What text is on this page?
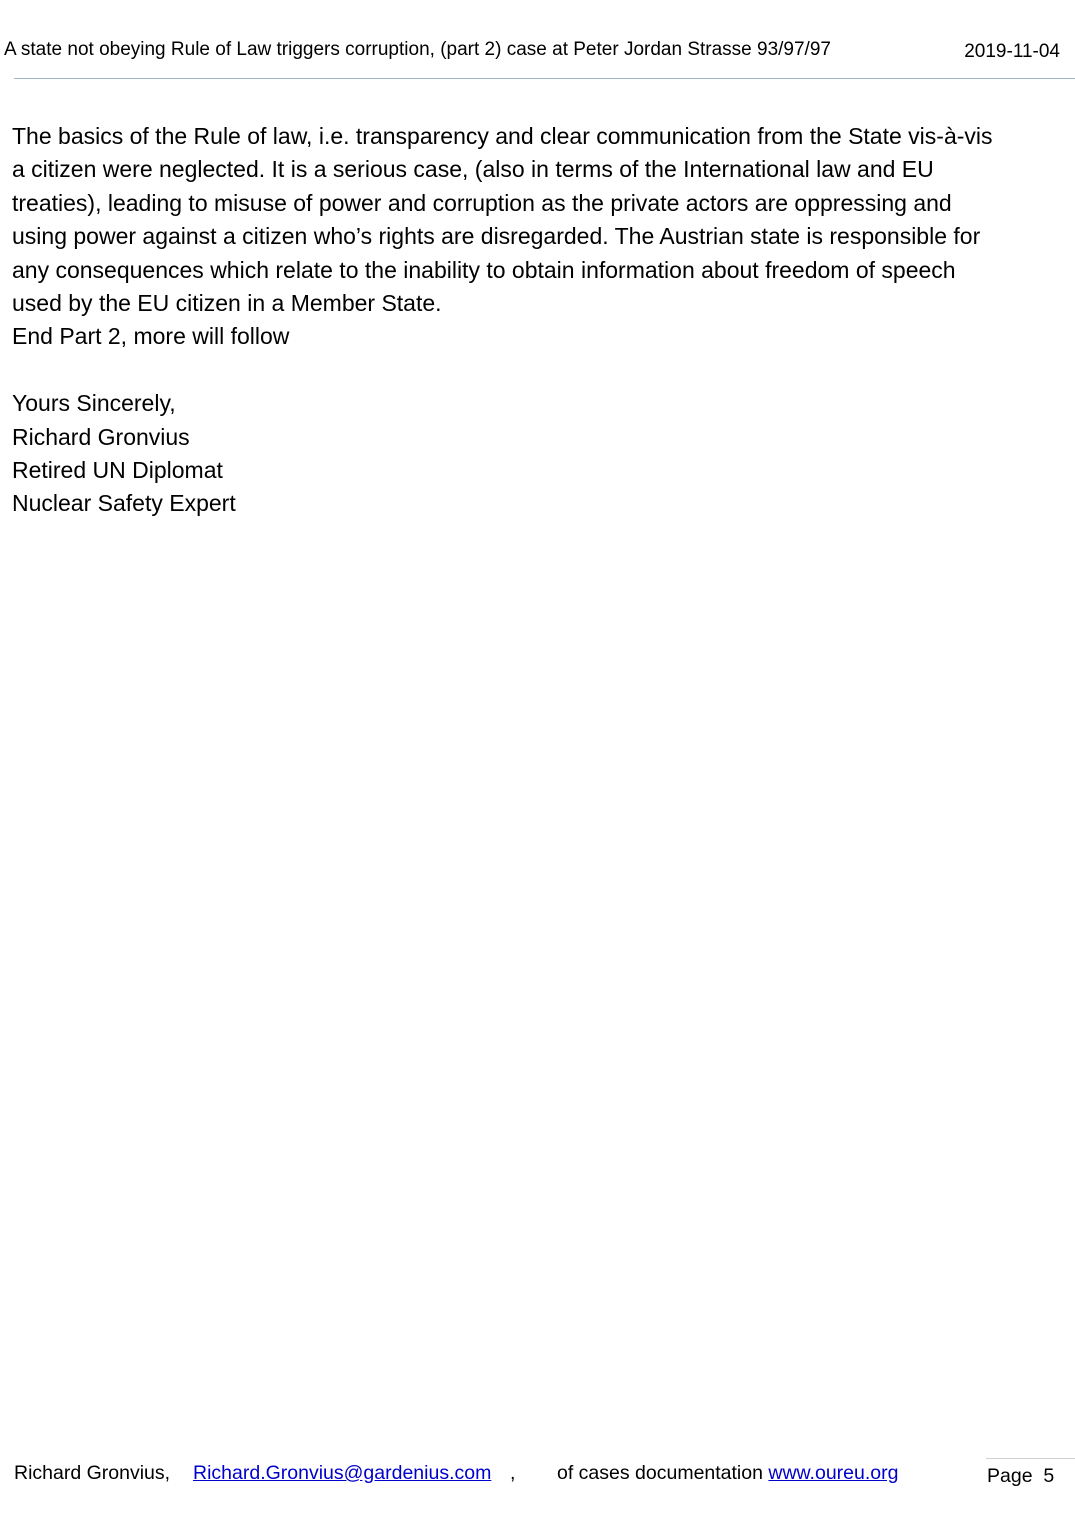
A state not obeying Rule of Law triggers corruption, (part 2) case at Peter Jordan Strasse 93/97/97	2019-11-04

The basics of the Rule of law, i.e. transparency and clear communication from the State vis-à-vis

a citizen were neglected. It is a serious case, (also in terms of the International law and EU

treaties), leading to misuse of power and corruption as the private actors are oppressing and

using power against a citizen who’s rights are disregarded. The Austrian state is responsible for

any consequences which relate to the inability to obtain information about freedom of speech

used by the EU citizen in a Member State.

End Part 2, more will follow

Yours Sincerely,

Richard Gronvius

Retired UN Diplomat

Nuclear Safety Expert

Richard Gronvius, Richard.Gronvius@gardenius.com , of cases documentation www.oureu.org	Page 5
